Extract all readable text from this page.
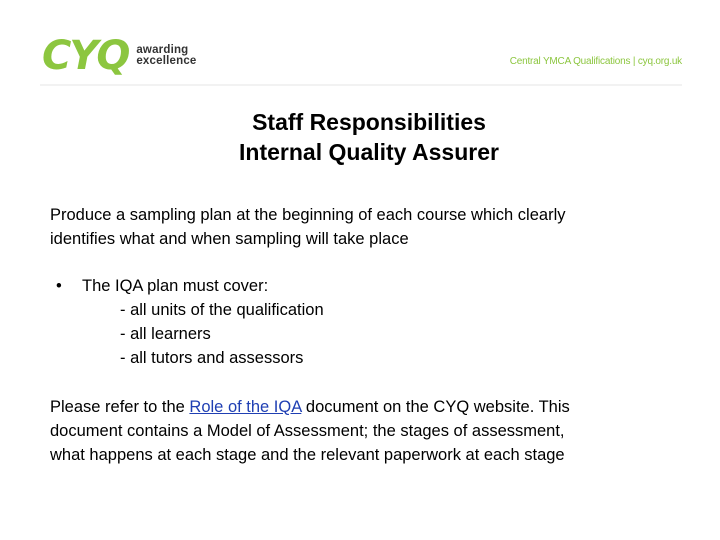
CYQ awarding
excellence	Central YMCA Qualifications | cyq.org.uk
Staff Responsibilities
Internal Quality Assurer
Produce a sampling plan at the beginning of each course which clearly
identifies what and when sampling will take place
•	The IQA plan must cover:
- all units of the qualification
- all learners
- all tutors and assessors
Please refer to the Role of the IQA document on the CYQ website. This
document contains a Model of Assessment; the stages of assessment,
what happens at each stage and the relevant paperwork at each stage
